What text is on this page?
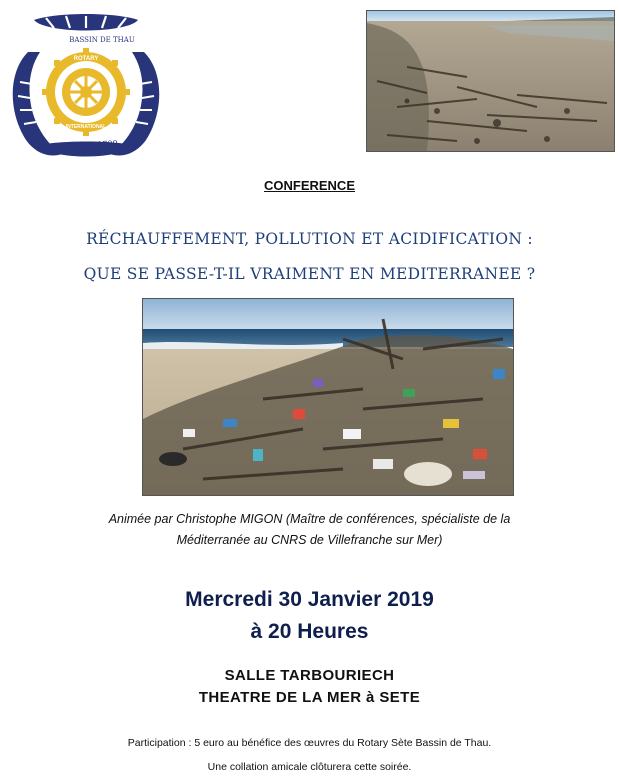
ROTARY
INTERNATIONAL
BASSIN DE THAU
DISTRICT 1700
CONFERENCE
RÉCHAUFFEMENT, POLLUTION ET ACIDIFICATION :
QUE SE PASSE-T-IL VRAIMENT EN MEDITERRANEE ?
Animée par Christophe MIGON (Maître de conférences, spécialiste de la
Méditerranée au CNRS de Villefranche sur Mer)
Mercredi 30 Janvier 2019
à 20 Heures
SALLE TARBOURIECH
THEATRE DE LA MER à SETE
Participation : 5 euro au bénéfice des œuvres du Rotary Sète Bassin de Thau.
Une collation amicale clôturera cette soirée.
